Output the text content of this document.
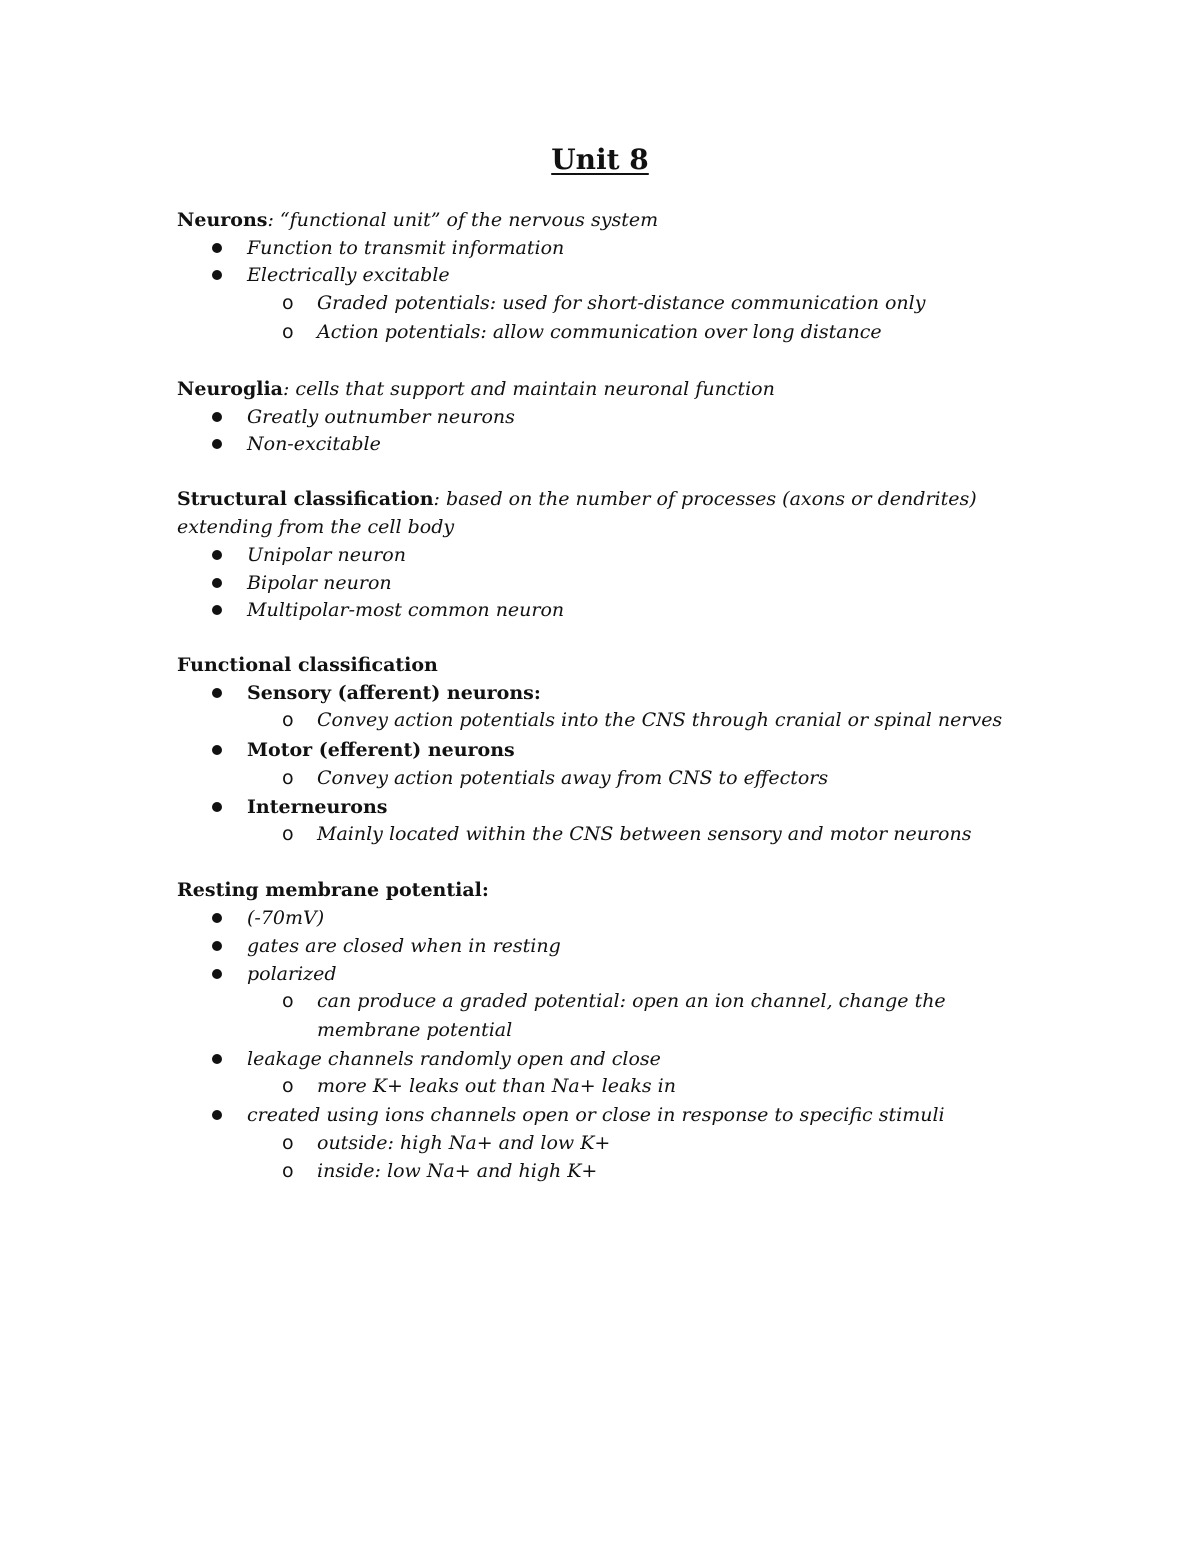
Unit 8
Neurons: “functional unit” of the nervous system
Function to transmit information
Electrically excitable
o Graded potentials: used for short-distance communication only
o Action potentials: allow communication over long distance
Neuroglia: cells that support and maintain neuronal function
Greatly outnumber neurons
Non-excitable
Structural classification: based on the number of processes (axons or dendrites)
extending from the cell body
Unipolar neuron
Bipolar neuron
Multipolar-most common neuron
Functional classification
Sensory (afferent) neurons:
o Convey action potentials into the CNS through cranial or spinal nerves
Motor (efferent) neurons
o Convey action potentials away from CNS to effectors
Interneurons
o Mainly located within the CNS between sensory and motor neurons
Resting membrane potential:
(-70mV)
gates are closed when in resting
polarized
o can produce a graded potential: open an ion channel, change the
membrane potential
leakage channels randomly open and close
o more K+ leaks out than Na+ leaks in
created using ions channels open or close in response to specific stimuli
o outside: high Na+ and low K+
o inside: low Na+ and high K+
